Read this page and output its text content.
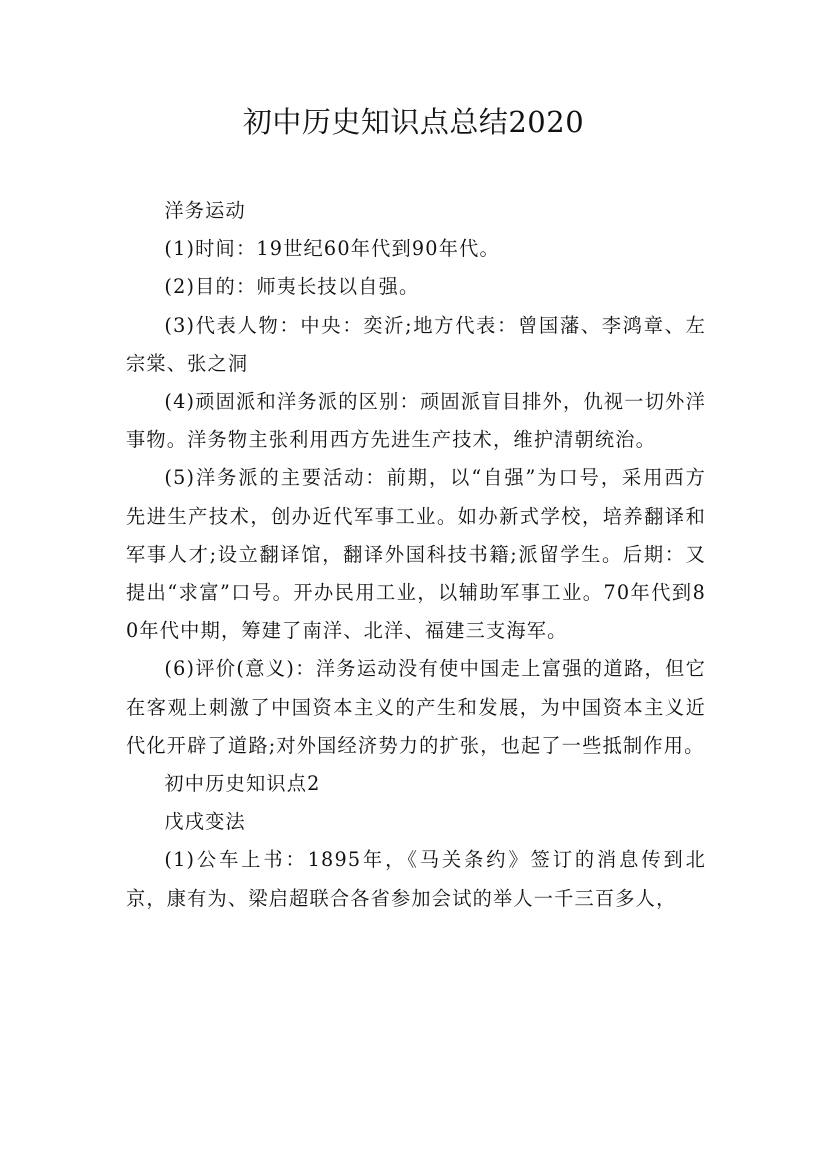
初中历史知识点总结2020

洋务运动

(1)时间：19世纪60年代到90年代。

(2)目的：师夷长技以自强。

(3)代表人物：中央：奕沂;地方代表：曾国藩、李鸿章、左宗棠、张之洞

(4)顽固派和洋务派的区别：顽固派盲目排外，仇视一切外洋事物。洋务物主张利用西方先进生产技术，维护清朝统治。

(5)洋务派的主要活动：前期，以“自强”为口号，采用西方先进生产技术，创办近代军事工业。如办新式学校，培养翻译和军事人才;设立翻译馆，翻译外国科技书籍;派留学生。后期：又提出“求富”口号。开办民用工业，以辅助军事工业。70年代到80年代中期，筹建了南洋、北洋、福建三支海军。

(6)评价(意义)：洋务运动没有使中国走上富强的道路，但它在客观上刺激了中国资本主义的产生和发展，为中国资本主义近代化开辟了道路;对外国经济势力的扩张，也起了一些抵制作用。

初中历史知识点2

戊戌变法

(1)公车上书：1895年，《马关条约》签订的消息传到北京，康有为、梁启超联合各省参加会试的举人一千三百多人，
